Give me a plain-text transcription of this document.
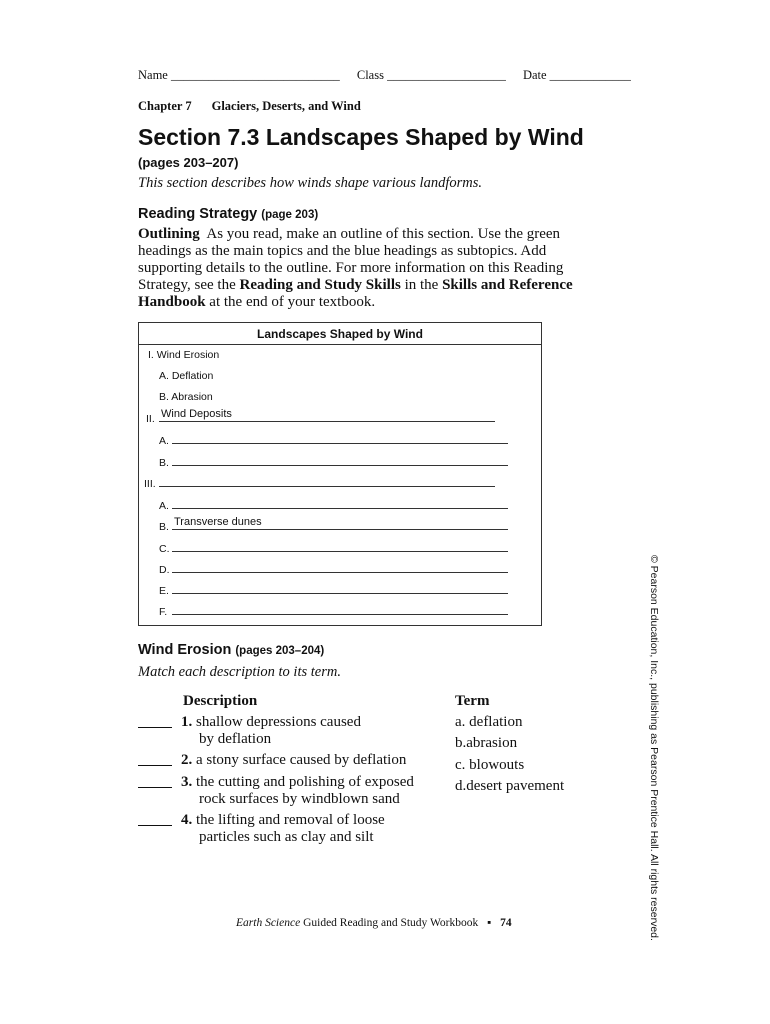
Name ___________________________ Class ___________________ Date _____________
Chapter 7 Glaciers, Deserts, and Wind
Section 7.3 Landscapes Shaped by Wind
(pages 203–207)
This section describes how winds shape various landforms.
Reading Strategy (page 203)
Outlining As you read, make an outline of this section. Use the green headings as the main topics and the blue headings as subtopics. Add supporting details to the outline. For more information on this Reading Strategy, see the Reading and Study Skills in the Skills and Reference Handbook at the end of your textbook.
Landscapes Shaped by Wind
I. Wind Erosion
A. Deflation
B. Abrasion
II. Wind Deposits
A.
B.
III.
A.
B. Transverse dunes
C.
D.
E.
F.
Wind Erosion (pages 203–204)
Match each description to its term.
Description	Term
1. shallow depressions caused
by deflation
2. a stony surface caused by deflation
3. the cutting and polishing of exposed
rock surfaces by windblown sand
4. the lifting and removal of loose
particles such as clay and silt
a. deflation
b.abrasion
c. blowouts
d.desert pavement
Earth Science Guided Reading and Study Workbook ▪ 74	© Pearson Education, Inc., publishing as Pearson Prentice Hall. All rights reserved.
